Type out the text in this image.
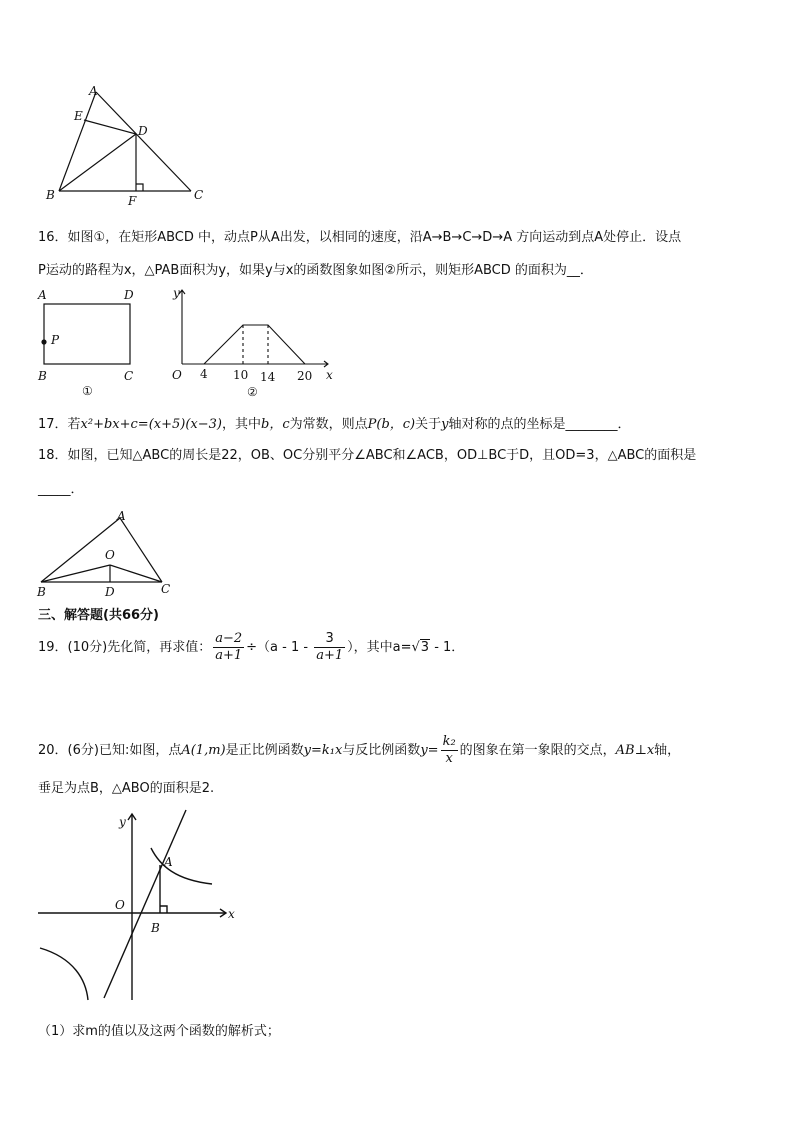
A
E
D
B	F	C
16．如图①，在矩形ABCD 中，动点P从A出发，以相同的速度，沿A→B→C→D→A 方向运动到点A处停止．设点
P运动的路程为x，△PAB面积为y，如果y与x的函数图象如图②所示，则矩形ABCD 的面积为__．
A	D
P
B	C
①
y
x
O 4 10 14 20
②
17．若x²+bx+c=(x+5)(x−3)，其中b，c为常数，则点P(b，c)关于y轴对称的点的坐标是________．
18．如图，已知△ABC的周长是22，OB、OC分别平分∠ABC和∠ACB，OD⊥BC于D，且OD=3，△ABC的面积是
_____．
A
O
B	D	C
三、解答题(共66分)
19．(10分)先化简，再求值： $\frac{a-2}{a+1} \div(a - 1 - \frac{3}{a+1}$ ），其中a=√3 - 1．
20．(6分)已知:如图，点A(1,m)是正比例函数y=k₁x与反比例函数$y= \frac{\text{k₂}}{x}$ 的图象在第一象限的交点，AB⊥x轴，
垂足为点B，△ABO的面积是2.
y
x
O
A
B
（1）求m的值以及这两个函数的解析式；
